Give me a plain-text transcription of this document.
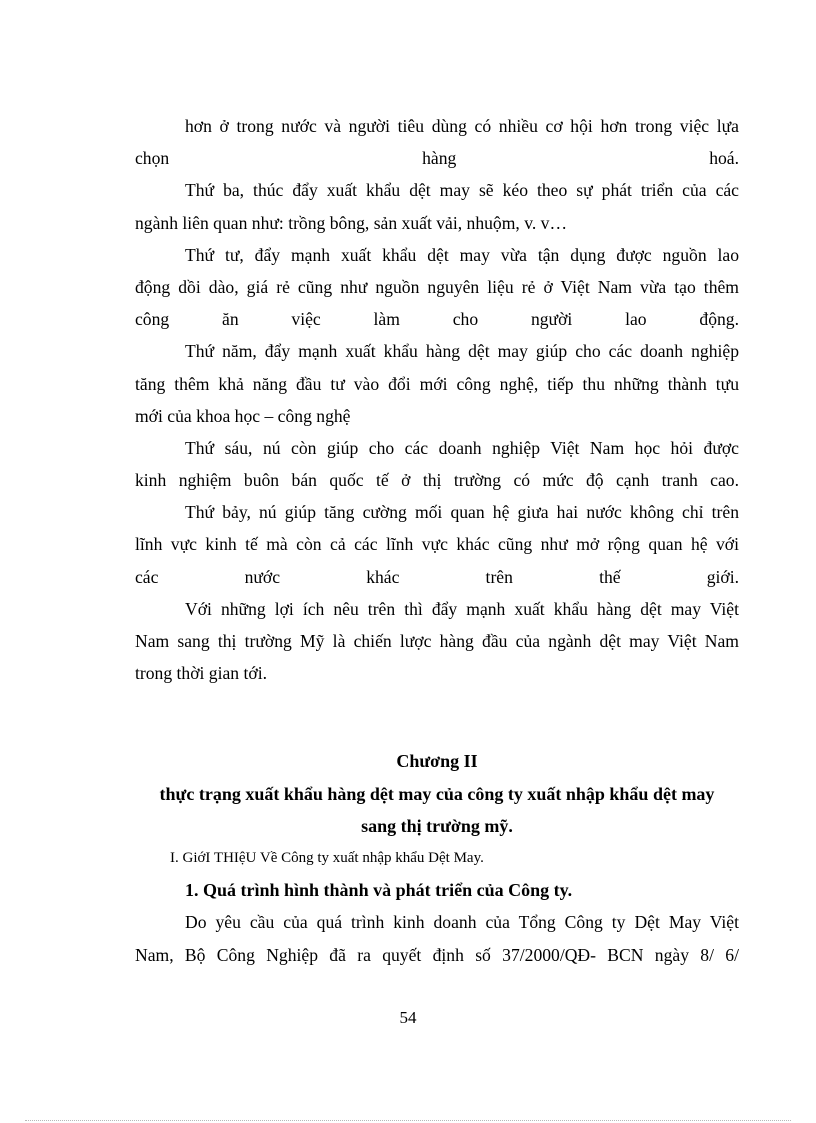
hơn ở trong nước và người tiêu dùng có nhiều cơ hội hơn trong việc lựa
chọn hàng hoá.
Thứ ba, thúc đẩy xuất khẩu dệt may sẽ kéo theo sự phát triển của các
ngành liên quan như: trồng bông, sản xuất vải, nhuộm, v. v…
Thứ tư, đẩy mạnh xuất khẩu dệt may vừa tận dụng được nguồn lao
động dồi dào, giá rẻ cũng như nguồn nguyên liệu rẻ ở Việt Nam vừa tạo thêm
công ăn việc làm cho người lao động.
Thứ năm, đẩy mạnh xuất khẩu hàng dệt may giúp cho các doanh nghiệp
tăng thêm khả năng đầu tư vào đổi mới công nghệ, tiếp thu những thành tựu
mới của khoa học – công nghệ
Thứ sáu, nú còn giúp cho các doanh nghiệp Việt Nam học hỏi được
kinh nghiệm buôn bán quốc tế ở thị trường có mức độ cạnh tranh cao.
Thứ bảy, nú giúp tăng cường mối quan hệ giưa hai nước không chỉ trên
lĩnh vực kinh tế mà còn cả các lĩnh vực khác cũng như mở rộng quan hệ với
các nước khác trên thế giới.
Với những lợi ích nêu trên thì đẩy mạnh xuất khẩu hàng dệt may Việt
Nam sang thị trường Mỹ là chiến lược hàng đầu của ngành dệt may Việt Nam
trong thời gian tới.
Chương II
thực trạng xuất khẩu hàng dệt may của công ty xuất nhập khẩu dệt may
sang thị trường mỹ.
I. GiớI THIệU Về Công ty xuất nhập khẩu Dệt May.
1. Quá trình hình thành và phát triển của Công ty.
Do yêu cầu của quá trình kinh doanh của Tổng Công ty Dệt May Việt
Nam, Bộ Công Nghiệp đã ra quyết định số 37/2000/QĐ- BCN ngày 8/ 6/
54
